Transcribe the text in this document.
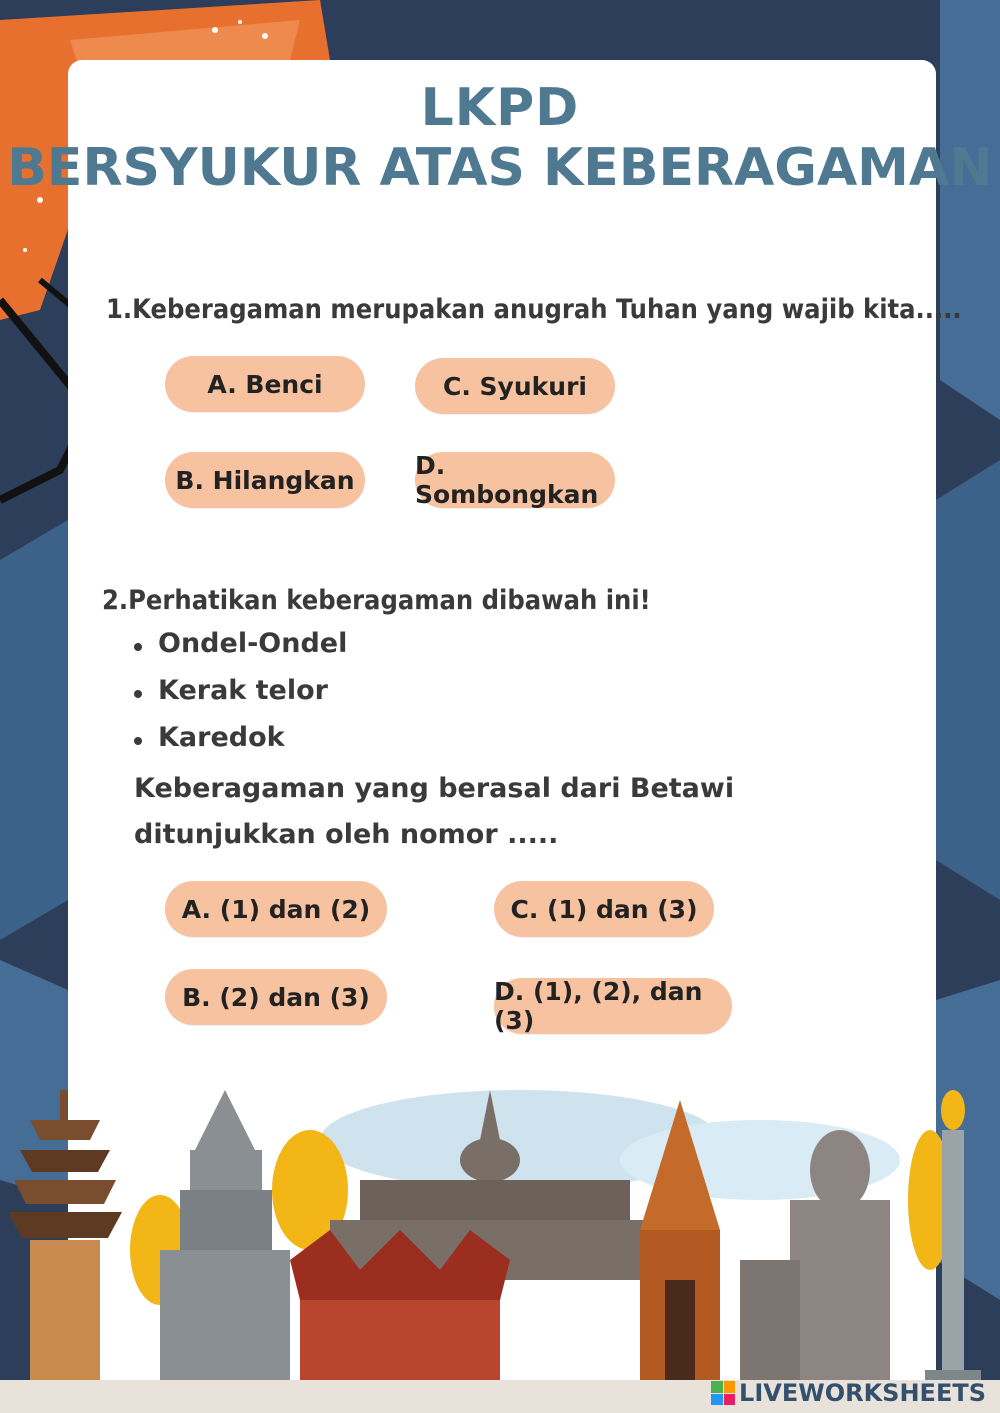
LKPD
BERSYUKUR ATAS KEBERAGAMAN
1.Keberagaman merupakan anugrah Tuhan yang wajib kita.....
A. Benci	C. Syukuri
B. Hilangkan	D. Sombongkan
2.Perhatikan keberagaman dibawah ini!
Ondel-Ondel
Kerak telor
Karedok
Keberagaman yang berasal dari Betawi ditunjukkan oleh nomor .....
A. (1) dan (2)	C. (1) dan (3)
B. (2) dan (3)	D. (1), (2), dan (3)
LIVEWORKSHEETS
